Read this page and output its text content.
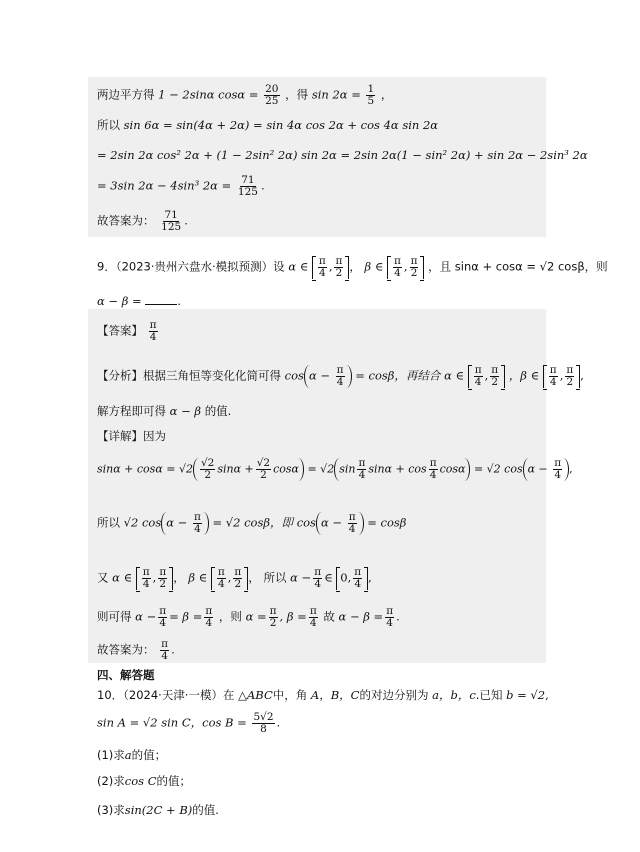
两边平方得 1 − 2sinα $\cos\alpha = \frac{20}{25}$ ，得 $\sin 2\alpha = \frac{1}{5}$ ，
所以 sin 6α = sin(4α + 2α) = sin 4α cos 2α + cos 4α sin 2α
= 2sin 2α cos² 2α + (1 − 2sin² 2α) sin 2α = 2sin 2α(1 − sin² 2α) + sin 2α − 2sin³ 2α
= 3sin 2α − 4sin³ $2\alpha = \frac{71}{125}$ .
故答案为： $\frac{71}{125}$ .
9．（2023·贵州六盘水·模拟预测）设 α ∈ $\frac{\pi}{4}$ , $\frac{\pi}{2}$ ， β ∈ $\frac{\pi}{4}$ , $\frac{\pi}{2}$ ，且 sinα + cosα = √2 cosβ，则
α − β =	.
【答案】 $\frac{\pi}{4}$
【分析】根据三角恒等变化化简可得 $\cos \alpha - \frac{\pi}{4} = \cos\beta$，再结合 α ∈ $\frac{\pi}{4}$ , $\frac{\pi}{2}$ ，β ∈ $\frac{\pi}{4}$ , $\frac{\pi}{2}$ ,
解方程即可得 α − β 的值.
【详解】因为
$\sin\alpha + \cos\alpha = √2 \frac{√2}{2}$ $\sin\alpha + \frac{√2}{2}$ cosα = √2 $\sin \frac{\pi}{4}$ $\sin\alpha + \cos \frac{\pi}{4}$ cosα = √2 $\cos \alpha - \frac{\pi}{4}$ ,
所以 √2 $\cos \alpha - \frac{\pi}{4} = √2$ cosβ，即 $\cos \alpha - \frac{\pi}{4} = \cos\beta$
又 α ∈ $\frac{\pi}{4}$ , $\frac{\pi}{2}$ ， β ∈ $\frac{\pi}{4}$ , $\frac{\pi}{2}$ ， 所以 $\alpha - \frac{\pi}{4}$ ∈ 0, $\frac{\pi}{4}$ ,
则可得 $\alpha - \frac{\pi}{4} = \beta = \frac{\pi}{4}$ ，则 $\alpha = \frac{\pi}{2}$ , $\beta = \frac{\pi}{4}$ 故 $\alpha - \beta = \frac{\pi}{4}$ .
故答案为： $\frac{\pi}{4}$ .
四、解答题
10．（2024·天津·一模）在 △ABC中，角 A，B，C的对边分别为 a，b，c.已知 b = √2,
sin A = √2 sin C，$\cos B = \frac{5√2}{8}$ .
(1)求a的值；
(2)求cos C的值；
(3)求sin(2C + B)的值.
